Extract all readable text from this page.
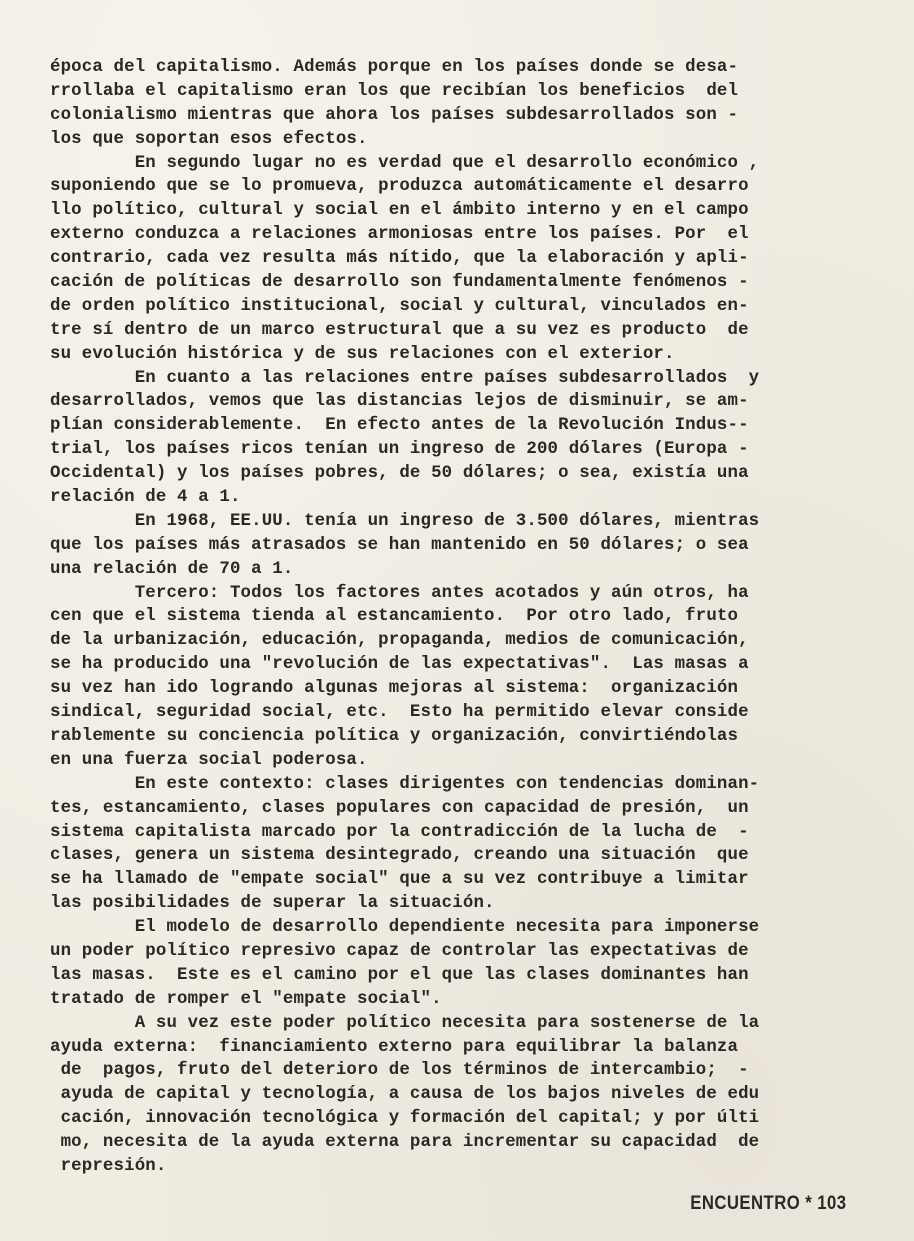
época del capitalismo. Además porque en los países donde se desa-
rrollaba el capitalismo eran los que recibían los beneficios  del
colonialismo mientras que ahora los países subdesarrollados son -
los que soportan esos efectos.
En segundo lugar no es verdad que el desarrollo económico ,
suponiendo que se lo promueva, produzca automáticamente el desarro
llo político, cultural y social en el ámbito interno y en el campo
externo conduzca a relaciones armoniosas entre los países. Por  el
contrario, cada vez resulta más nítido, que la elaboración y apli-
cación de políticas de desarrollo son fundamentalmente fenómenos -
de orden político institucional, social y cultural, vinculados en-
tre sí dentro de un marco estructural que a su vez es producto  de
su evolución histórica y de sus relaciones con el exterior.
En cuanto a las relaciones entre países subdesarrollados  y
desarrollados, vemos que las distancias lejos de disminuir, se am-
plían considerablemente.  En efecto antes de la Revolución Indus--
trial, los países ricos tenían un ingreso de 200 dólares (Europa -
Occidental) y los países pobres, de 50 dólares; o sea, existía una
relación de 4 a 1.
En 1968, EE.UU. tenía un ingreso de 3.500 dólares, mientras
que los países más atrasados se han mantenido en 50 dólares; o sea
una relación de 70 a 1.
Tercero: Todos los factores antes acotados y aún otros, ha
cen que el sistema tienda al estancamiento.  Por otro lado, fruto
de la urbanización, educación, propaganda, medios de comunicación,
se ha producido una "revolución de las expectativas".  Las masas a
su vez han ido logrando algunas mejoras al sistema:  organización
sindical, seguridad social, etc.  Esto ha permitido elevar conside
rablemente su conciencia política y organización, convirtiéndolas
en una fuerza social poderosa.
En este contexto: clases dirigentes con tendencias dominan-
tes, estancamiento, clases populares con capacidad de presión,  un
sistema capitalista marcado por la contradicción de la lucha de  -
clases, genera un sistema desintegrado, creando una situación  que
se ha llamado de "empate social" que a su vez contribuye a limitar
las posibilidades de superar la situación.
El modelo de desarrollo dependiente necesita para imponerse
un poder político represivo capaz de controlar las expectativas de
las masas.  Este es el camino por el que las clases dominantes han
tratado de romper el "empate social".
A su vez este poder político necesita para sostenerse de la
ayuda externa:  financiamiento externo para equilibrar la balanza
de  pagos, fruto del deterioro de los términos de intercambio;  -
ayuda de capital y tecnología, a causa de los bajos niveles de edu
cación, innovación tecnológica y formación del capital; y por últi
mo, necesita de la ayuda externa para incrementar su capacidad  de
represión.
ENCUENTRO * 103
